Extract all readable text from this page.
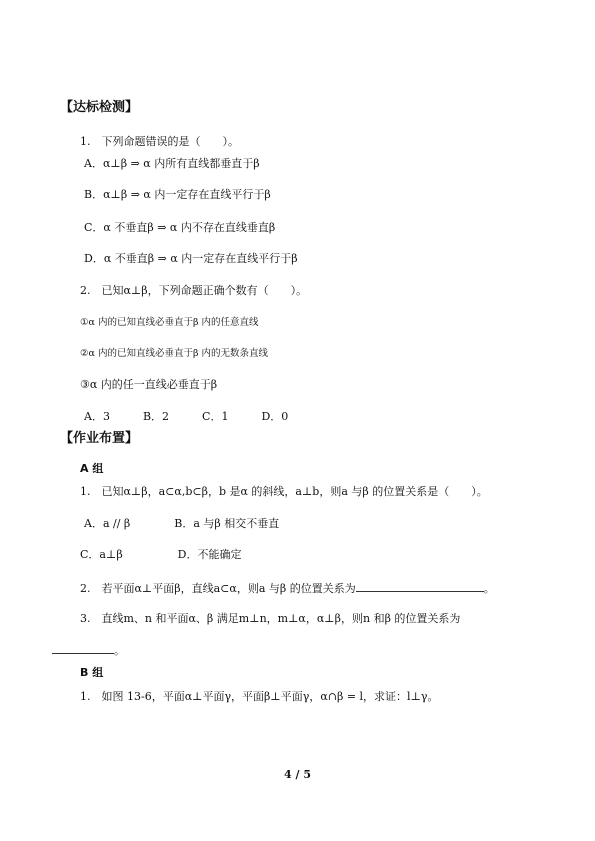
【达标检测】
1.　下列命题错误的是（　　）。
A．α⊥β ⇒ α 内所有直线都垂直于β
B．α⊥β ⇒ α 内一定存在直线平行于β
C．α 不垂直β ⇒ α 内不存在直线垂直β
D．α 不垂直β ⇒ α 内一定存在直线平行于β
2.　已知α⊥β，下列命题正确个数有（　　）。
①α 内的已知直线必垂直于β 内的任意直线
②α 内的已知直线必垂直于β 内的无数条直线
③α 内的任一直线必垂直于β
A．3　　　B．2　　　C．1　　　D．0
【作业布置】
A 组
1.　已知α⊥β，a⊂α,b⊂β，b 是α 的斜线，a⊥b，则a 与β 的位置关系是（　　）。
A．a // β　　　　B．a 与β 相交不垂直
C．a⊥β　　　　　D．不能确定
2.　若平面α⊥平面β，直线a⊂α，则a 与β 的位置关系为	。
3.　直线m、n 和平面α、β 满足m⊥n，m⊥α，α⊥β，则n 和β 的位置关系为
。
B 组
1.　如图 13-6，平面α⊥平面γ，平面β⊥平面γ，α∩β = l，求证：l⊥γ。
4 / 5
